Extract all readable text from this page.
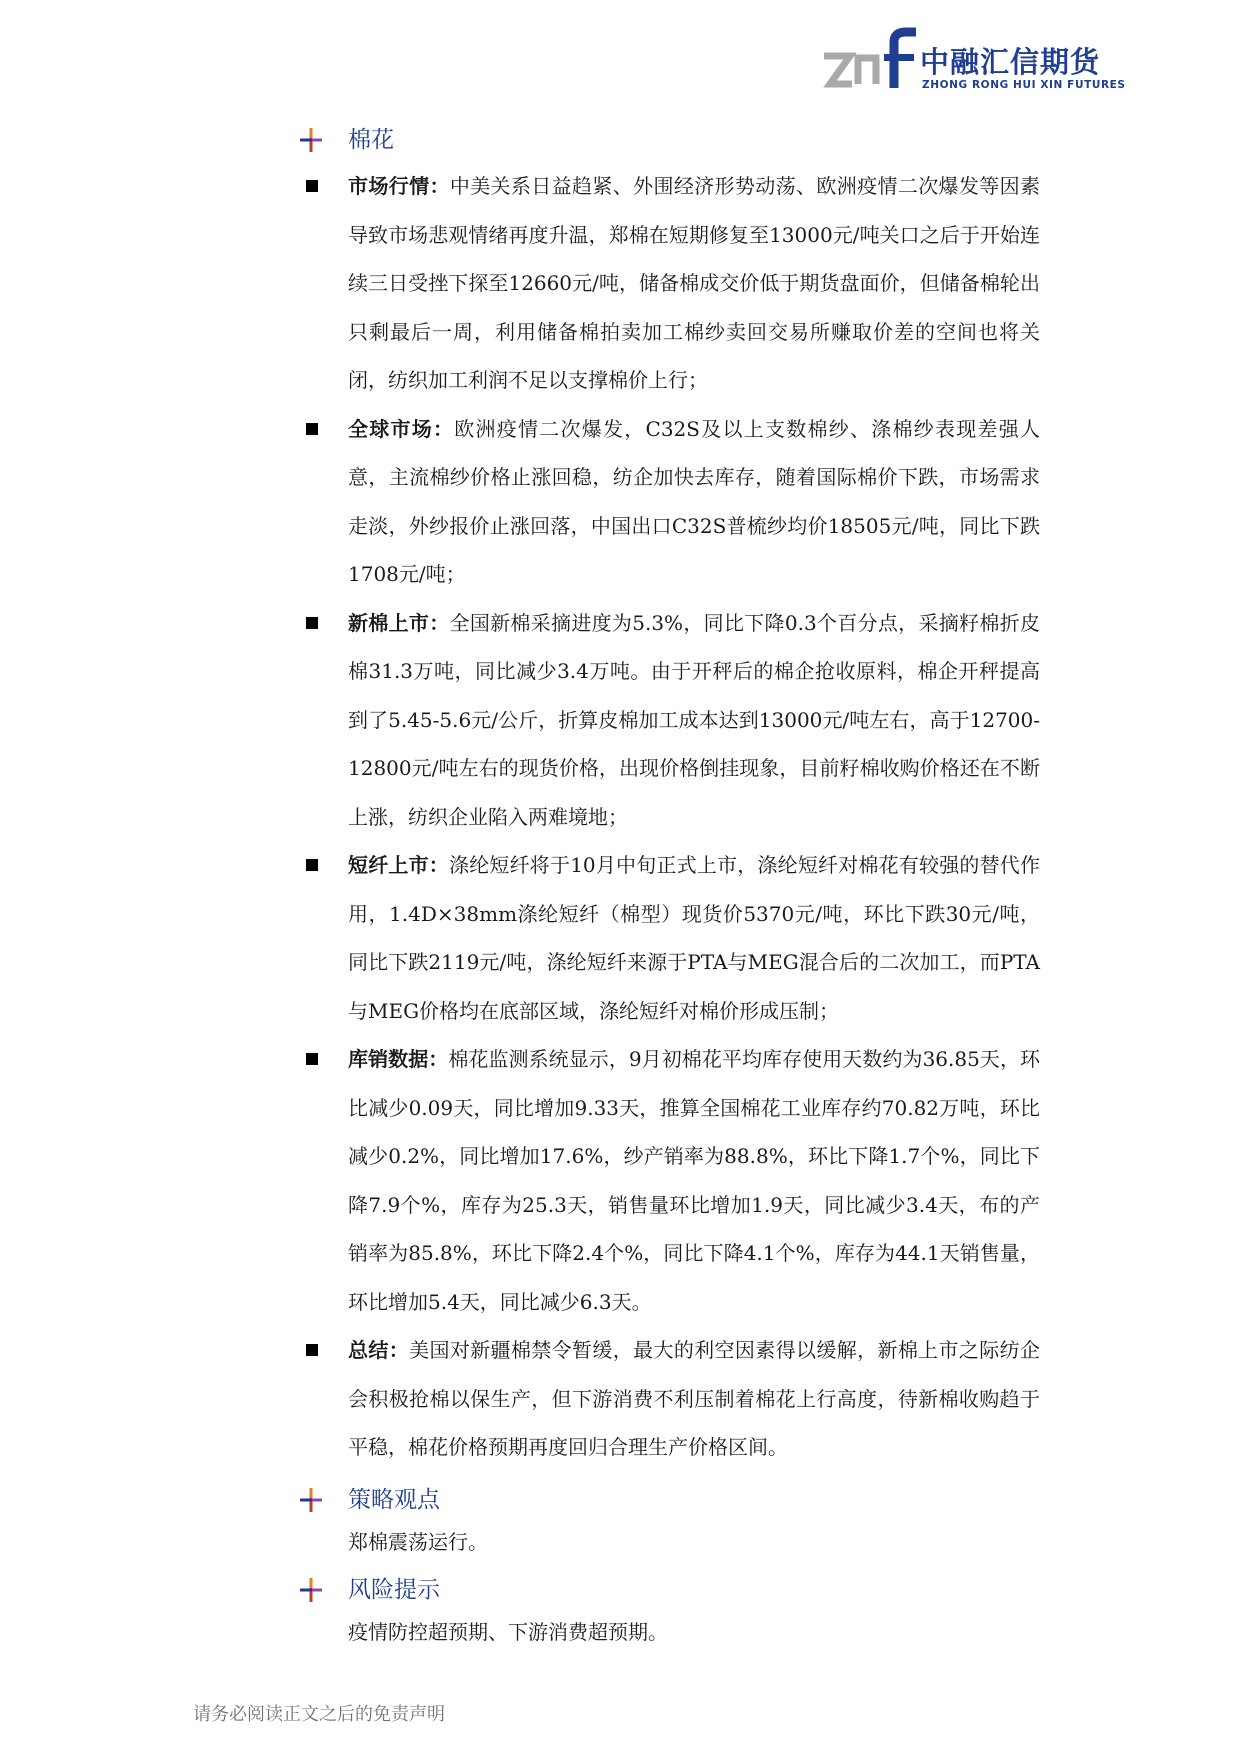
中融汇信期货
ZHONG RONG HUI XIN FUTURES
棉花
市场行情：中美关系日益趋紧、外围经济形势动荡、欧洲疫情二次爆发等因素导致市场悲观情绪再度升温，郑棉在短期修复至13000元/吨关口之后于开始连续三日受挫下探至12660元/吨，储备棉成交价低于期货盘面价，但储备棉轮出只剩最后一周，利用储备棉拍卖加工棉纱卖回交易所赚取价差的空间也将关闭，纺织加工利润不足以支撑棉价上行；
全球市场：欧洲疫情二次爆发，C32S及以上支数棉纱、涤棉纱表现差强人意，主流棉纱价格止涨回稳，纺企加快去库存，随着国际棉价下跌，市场需求走淡，外纱报价止涨回落，中国出口C32S普梳纱均价18505元/吨，同比下跌1708元/吨；
新棉上市：全国新棉采摘进度为5.3%，同比下降0.3个百分点，采摘籽棉折皮棉31.3万吨，同比减少3.4万吨。由于开秤后的棉企抢收原料，棉企开秤提高到了5.45-5.6元/公斤，折算皮棉加工成本达到13000元/吨左右，高于12700-12800元/吨左右的现货价格，出现价格倒挂现象，目前籽棉收购价格还在不断上涨，纺织企业陷入两难境地；
短纤上市：涤纶短纤将于10月中旬正式上市，涤纶短纤对棉花有较强的替代作用，1.4D×38mm涤纶短纤（棉型）现货价5370元/吨，环比下跌30元/吨，同比下跌2119元/吨，涤纶短纤来源于PTA与MEG混合后的二次加工，而PTA与MEG价格均在底部区域，涤纶短纤对棉价形成压制；
库销数据：棉花监测系统显示，9月初棉花平均库存使用天数约为36.85天，环比减少0.09天，同比增加9.33天，推算全国棉花工业库存约70.82万吨，环比减少0.2%，同比增加17.6%，纱产销率为88.8%，环比下降1.7个%，同比下降7.9个%，库存为25.3天，销售量环比增加1.9天，同比减少3.4天，布的产销率为85.8%，环比下降2.4个%，同比下降4.1个%，库存为44.1天销售量，环比增加5.4天，同比减少6.3天。
总结：美国对新疆棉禁令暂缓，最大的利空因素得以缓解，新棉上市之际纺企会积极抢棉以保生产，但下游消费不利压制着棉花上行高度，待新棉收购趋于平稳，棉花价格预期再度回归合理生产价格区间。
策略观点
郑棉震荡运行。
风险提示
疫情防控超预期、下游消费超预期。
请务必阅读正文之后的免责声明
